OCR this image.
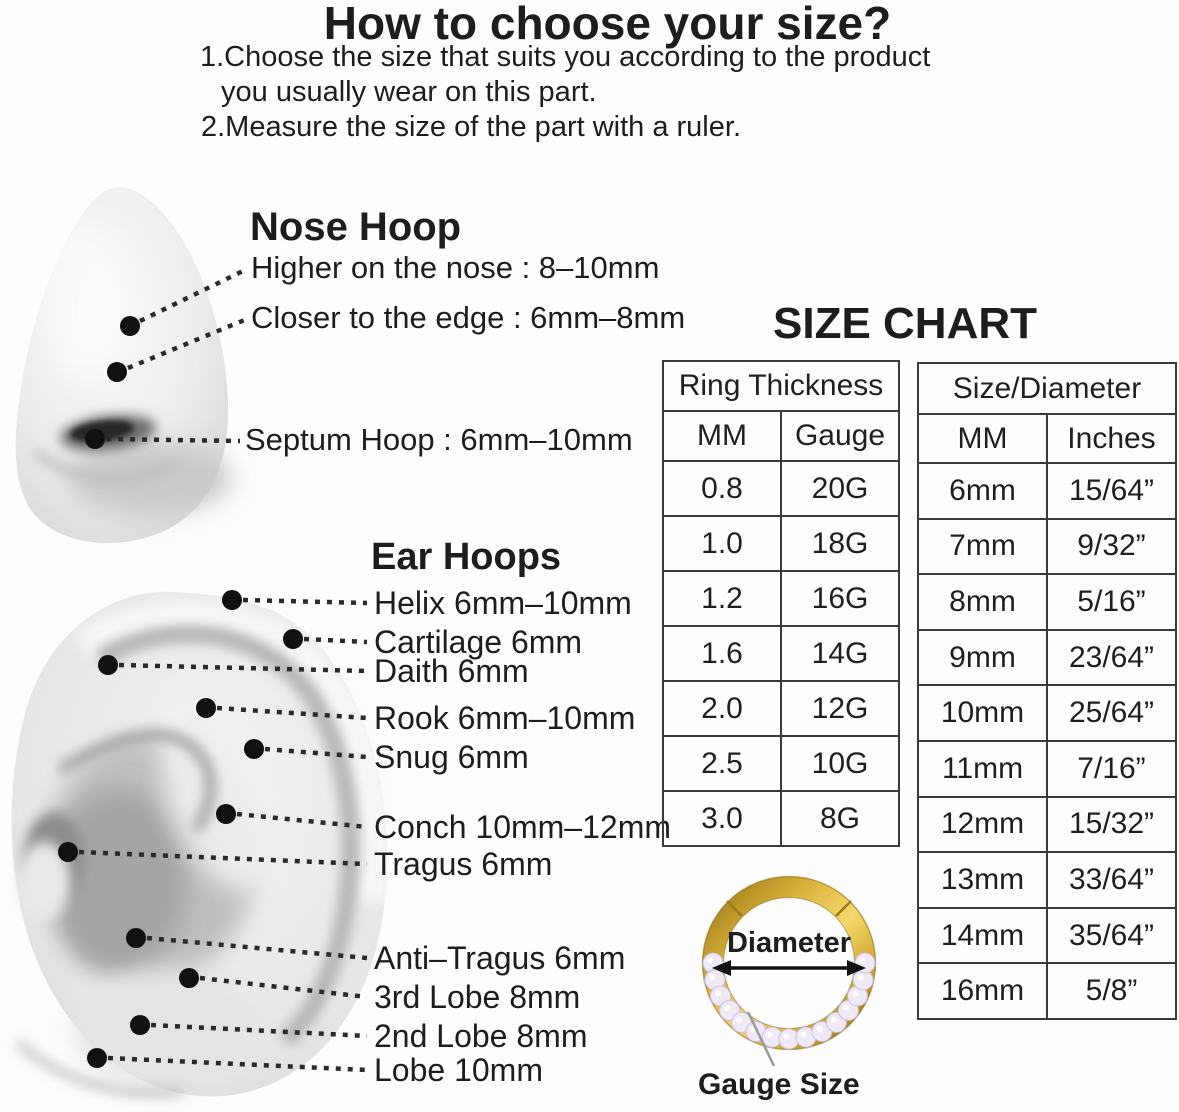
How to choose your size?
1.Choose the size that suits you according to the product
you usually wear on this part.
2.Measure the size of the part with a ruler.
Nose Hoop
Higher on the nose : 8–10mm
Closer to the edge : 6mm–8mm
Septum Hoop : 6mm–10mm
SIZE CHART
Ear Hoops
Helix 6mm–10mm
Cartilage 6mm
Daith 6mm
Rook 6mm–10mm
Snug 6mm
Conch 10mm–12mm
Tragus 6mm
Anti–Tragus 6mm
3rd Lobe 8mm
2nd Lobe 8mm
Lobe 10mm
Diameter
Gauge Size
Ring Thickness	
MM	Gauge
0.8	20G
1.0	18G
1.2	16G
1.6	14G
2.0	12G
2.5	10G
3.0	8G
Size/Diameter	
MM	Inches
6mm	15/64”
7mm	9/32”
8mm	5/16”
9mm	23/64”
10mm	25/64”
11mm	7/16”
12mm	15/32”
13mm	33/64”
14mm	35/64”
16mm	5/8”
